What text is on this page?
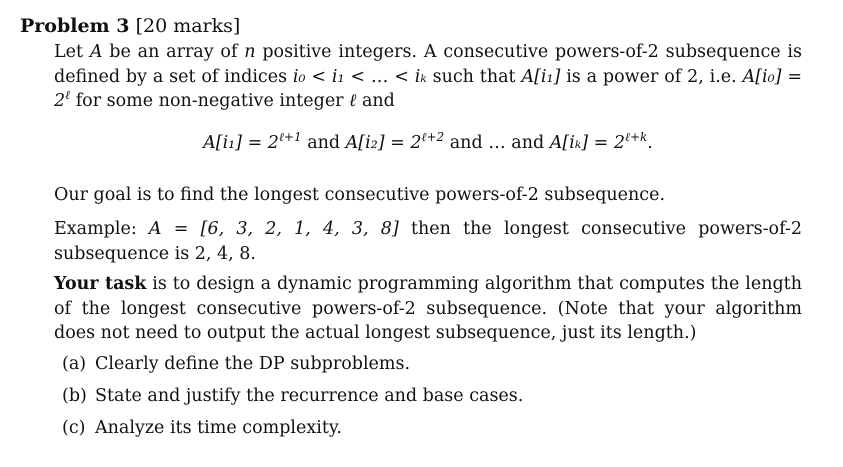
Problem 3 [20 marks]
Let A be an array of n positive integers. A consecutive powers-of-2 subsequence is defined by a set of indices i₀ < i₁ < … < iₖ such that A[i₁] is a power of 2, i.e. $A[i_0] = 2^\ell$ for some non-negative integer ℓ and
$A[i_1] = 2^{\ell+1}$ and $A[i_2] = 2^{\ell+2}$ and … and $A[i_k] = 2^{\ell+k}$.
Our goal is to find the longest consecutive powers-of-2 subsequence.
Example: A = [6, 3, 2, 1, 4, 3, 8] then the longest consecutive powers-of-2 subsequence is 2, 4, 8.
Your task is to design a dynamic programming algorithm that computes the length of the longest consecutive powers-of-2 subsequence. (Note that your algorithm does not need to output the actual longest subsequence, just its length.)
(a) Clearly define the DP subproblems.
(b) State and justify the recurrence and base cases.
(c) Analyze its time complexity.
